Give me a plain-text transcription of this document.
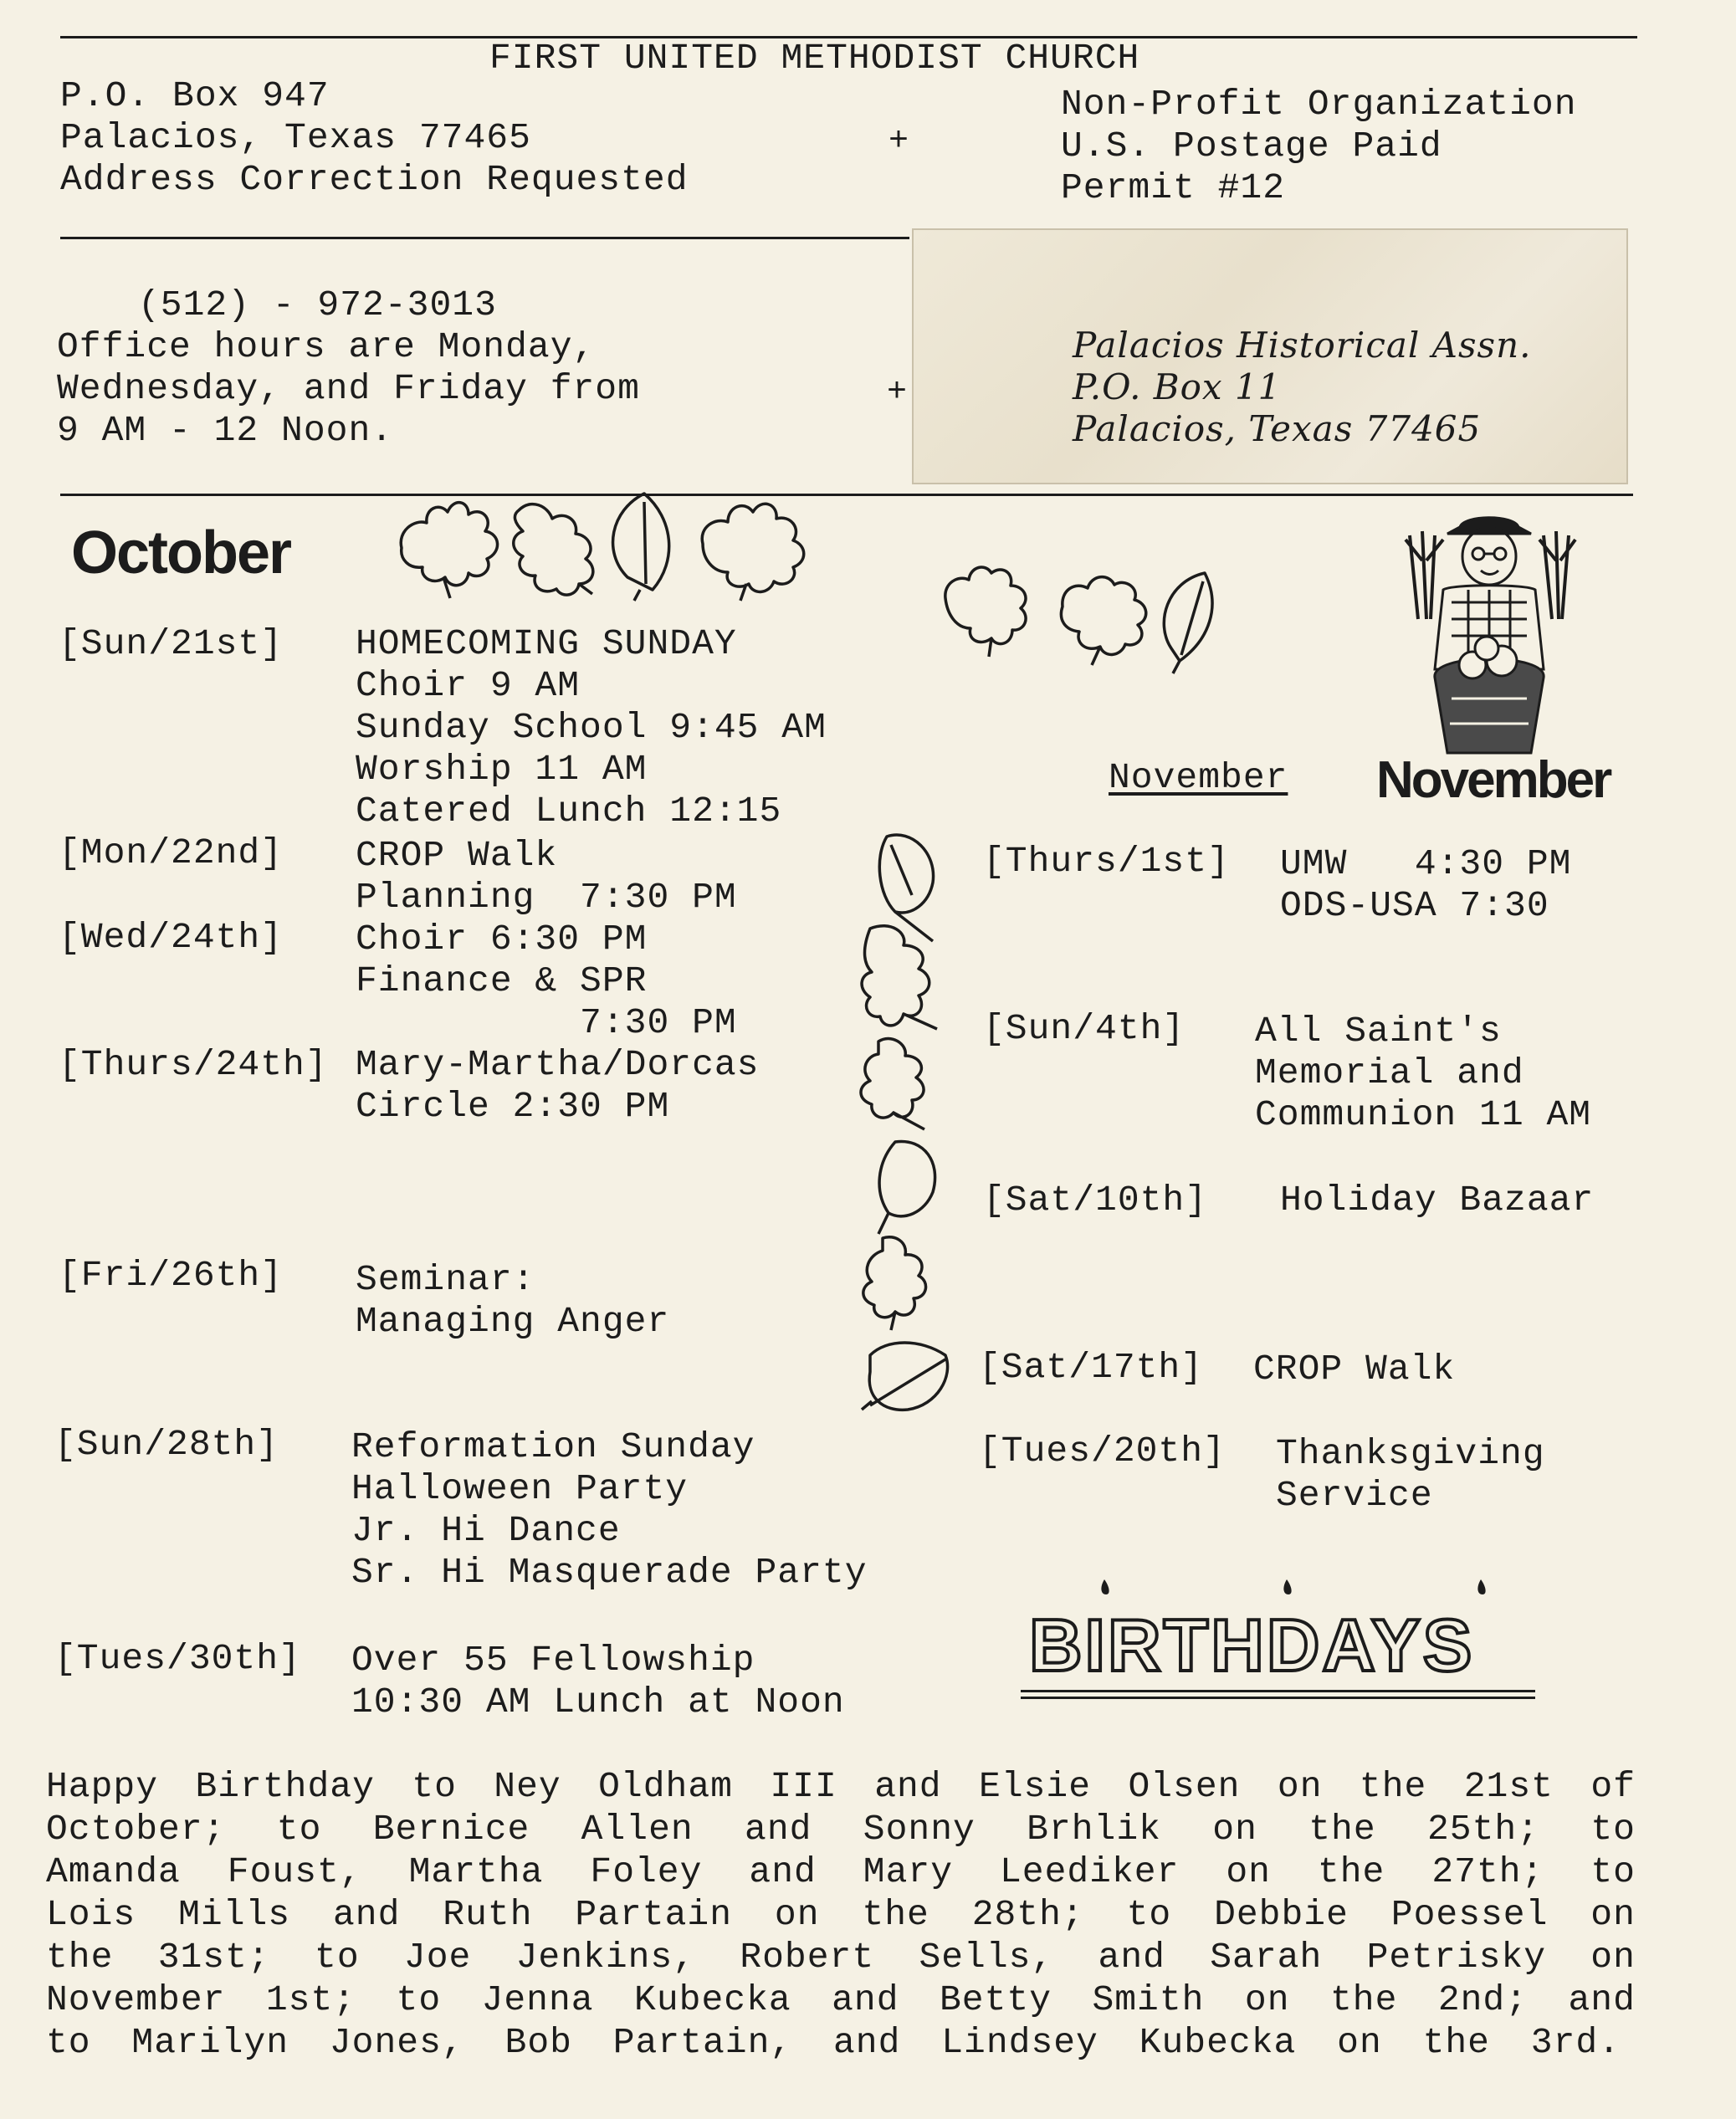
FIRST UNITED METHODIST CHURCH
P.O. Box 947
Palacios, Texas 77465
Address Correction Requested
+
Non-Profit Organization
U.S. Postage Paid
Permit #12
(512) - 972-3013
Office hours are Monday,
Wednesday, and Friday from
9 AM - 12 Noon.
+
Palacios Historical Assn.
P.O. Box 11
Palacios, Texas 77465
October
[Sun/21st] HOMECOMING SUNDAY
Choir 9 AM
Sunday School 9:45 AM
Worship 11 AM
Catered Lunch 12:15
[Mon/22nd] CROP Walk
Planning  7:30 PM
[Wed/24th] Choir 6:30 PM
Finance & SPR
7:30 PM
[Thurs/24th] Mary-Martha/Dorcas
Circle 2:30 PM
[Fri/26th] Seminar:
Managing Anger
[Sun/28th] Reformation Sunday
Halloween Party
Jr. Hi Dance
Sr. Hi Masquerade Party
[Tues/30th] Over 55 Fellowship
10:30 AM Lunch at Noon
November November
[Thurs/1st] UMW   4:30 PM
ODS-USA 7:30
[Sun/4th] All Saint's
Memorial and
Communion 11 AM
[Sat/10th] Holiday Bazaar
[Sat/17th] CROP Walk
[Tues/20th] Thanksgiving
Service

BIRTHDAYS

Happy Birthday to Ney Oldham III and Elsie Olsen on the 21st of
October; to Bernice Allen and Sonny Brhlik on the 25th; to
Amanda Foust, Martha Foley and Mary Leediker on the 27th; to
Lois Mills and Ruth Partain on the 28th; to Debbie Poessel on
the 31st; to Joe Jenkins, Robert Sells, and Sarah Petrisky on
November 1st; to Jenna Kubecka and Betty Smith on the 2nd; and
to	Marilyn	Jones,	Bob	Partain,	and	Lindsey	Kubecka	on	the	3rd.
